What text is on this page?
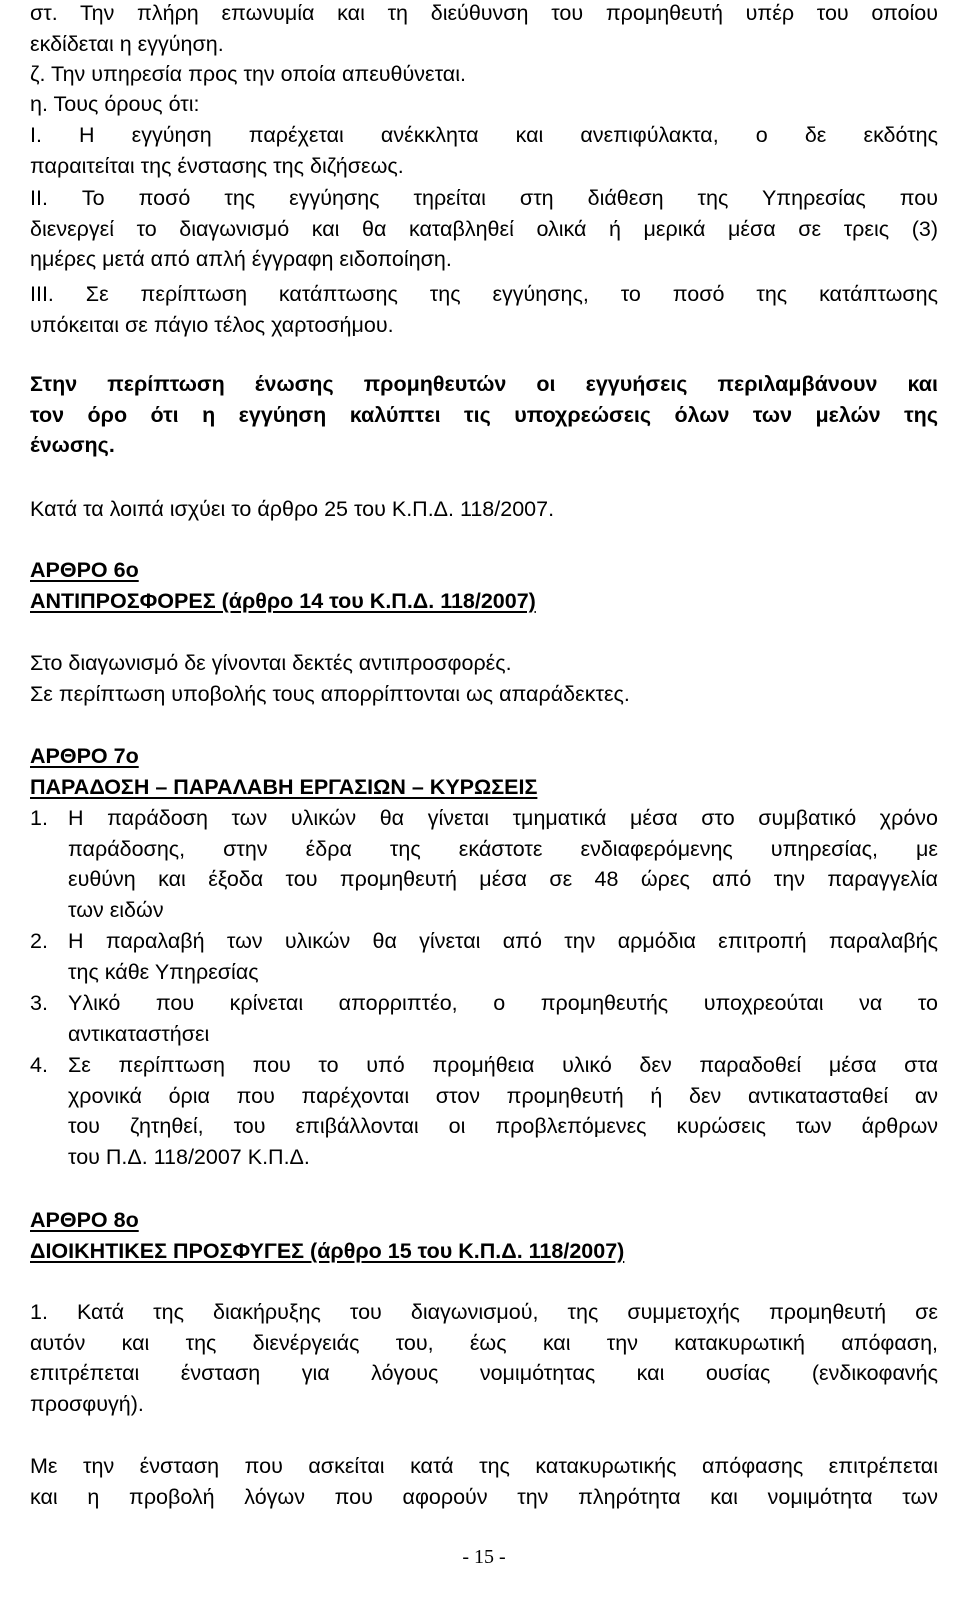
στ. Την πλήρη επωνυμία και τη διεύθυνση του προμηθευτή υπέρ του οποίου
εκδίδεται η εγγύηση.
ζ. Την υπηρεσία προς την οποία απευθύνεται.
η. Τους όρους ότι:
I. Η εγγύηση παρέχεται ανέκκλητα και ανεπιφύλακτα, ο δε εκδότης
παραιτείται της ένστασης της διζήσεως.
II. Το ποσό της εγγύησης τηρείται στη διάθεση της Υπηρεσίας που
διενεργεί το διαγωνισμό και θα καταβληθεί ολικά ή μερικά μέσα σε τρεις (3)
ημέρες μετά από απλή έγγραφη ειδοποίηση.
III. Σε περίπτωση κατάπτωσης της εγγύησης, το ποσό της κατάπτωσης
υπόκειται σε πάγιο τέλος χαρτοσήμου.
Στην περίπτωση ένωσης προμηθευτών οι εγγυήσεις περιλαμβάνουν και
τον όρο ότι η εγγύηση καλύπτει τις υποχρεώσεις όλων των μελών της
ένωσης.
Κατά τα λοιπά ισχύει το άρθρο 25 του Κ.Π.Δ. 118/2007.
ΑΡΘΡΟ 6ο
ΑΝΤΙΠΡΟΣΦΟΡΕΣ (άρθρο 14 του Κ.Π.Δ. 118/2007)
Στο διαγωνισμό δε γίνονται δεκτές αντιπροσφορές.
Σε περίπτωση υποβολής τους απορρίπτονται ως απαράδεκτες.
ΑΡΘΡΟ 7ο
ΠΑΡΑΔΟΣΗ – ΠΑΡΑΛΑΒΗ ΕΡΓΑΣΙΩΝ – ΚΥΡΩΣΕΙΣ
1. Η παράδοση των υλικών θα γίνεται τμηματικά μέσα στο συμβατικό χρόνο
παράδοσης, στην έδρα της εκάστοτε ενδιαφερόμενης υπηρεσίας, με
ευθύνη και έξοδα του προμηθευτή μέσα σε 48 ώρες από την παραγγελία
των ειδών
2. Η παραλαβή των υλικών θα γίνεται από την αρμόδια επιτροπή παραλαβής
της κάθε Υπηρεσίας
3. Υλικό που κρίνεται απορριπτέο, ο προμηθευτής υποχρεούται να το
αντικαταστήσει
4. Σε περίπτωση που το υπό προμήθεια υλικό δεν παραδοθεί μέσα στα
χρονικά όρια που παρέχονται στον προμηθευτή ή δεν αντικατασταθεί αν
του ζητηθεί, του επιβάλλονται οι προβλεπόμενες κυρώσεις των άρθρων
του Π.Δ. 118/2007 Κ.Π.Δ.
ΑΡΘΡΟ 8ο
ΔΙΟΙΚΗΤΙΚΕΣ ΠΡΟΣΦΥΓΕΣ (άρθρο 15 του Κ.Π.Δ. 118/2007)
1. Κατά της διακήρυξης του διαγωνισμού, της συμμετοχής προμηθευτή σε
αυτόν και της διενέργειάς του, έως και την κατακυρωτική απόφαση,
επιτρέπεται ένσταση για λόγους νομιμότητας και ουσίας (ενδικοφανής
προσφυγή).
Με την ένσταση που ασκείται κατά της κατακυρωτικής απόφασης επιτρέπεται
και η προβολή λόγων που αφορούν την πληρότητα και νομιμότητα των
- 15 -
